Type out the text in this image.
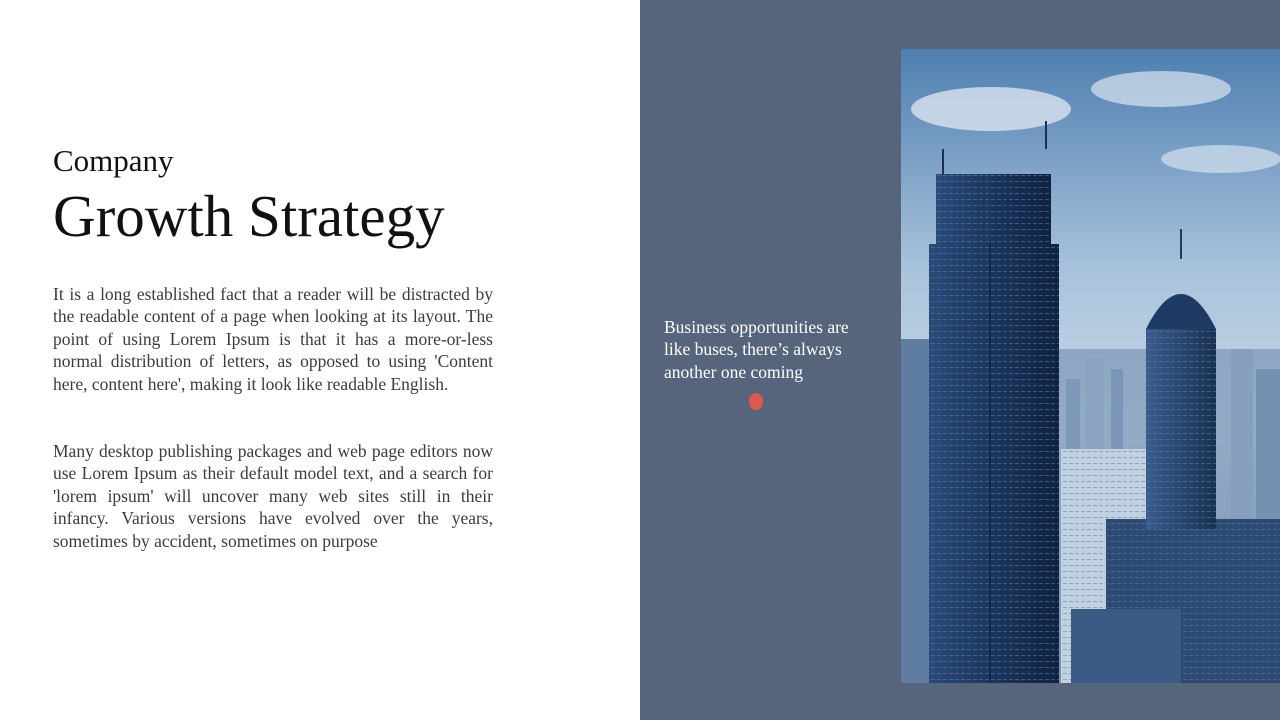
Company
Growth Strategy

It is a long established fact that a reader will be distracted by the readable content of a page when looking at its layout. The point of using Lorem Ipsum is that it has a more-or-less normal distribution of letters, as opposed to using 'Content here, content here', making it look like readable English.

Many desktop publishing packages and web page editors now use Lorem Ipsum as their default model text, and a search for 'lorem ipsum' will uncover many web sites still in their infancy. Various versions have evolved over the years, sometimes by accident, sometimes on purpose

Business opportunities are like buses, there’s always another one coming
